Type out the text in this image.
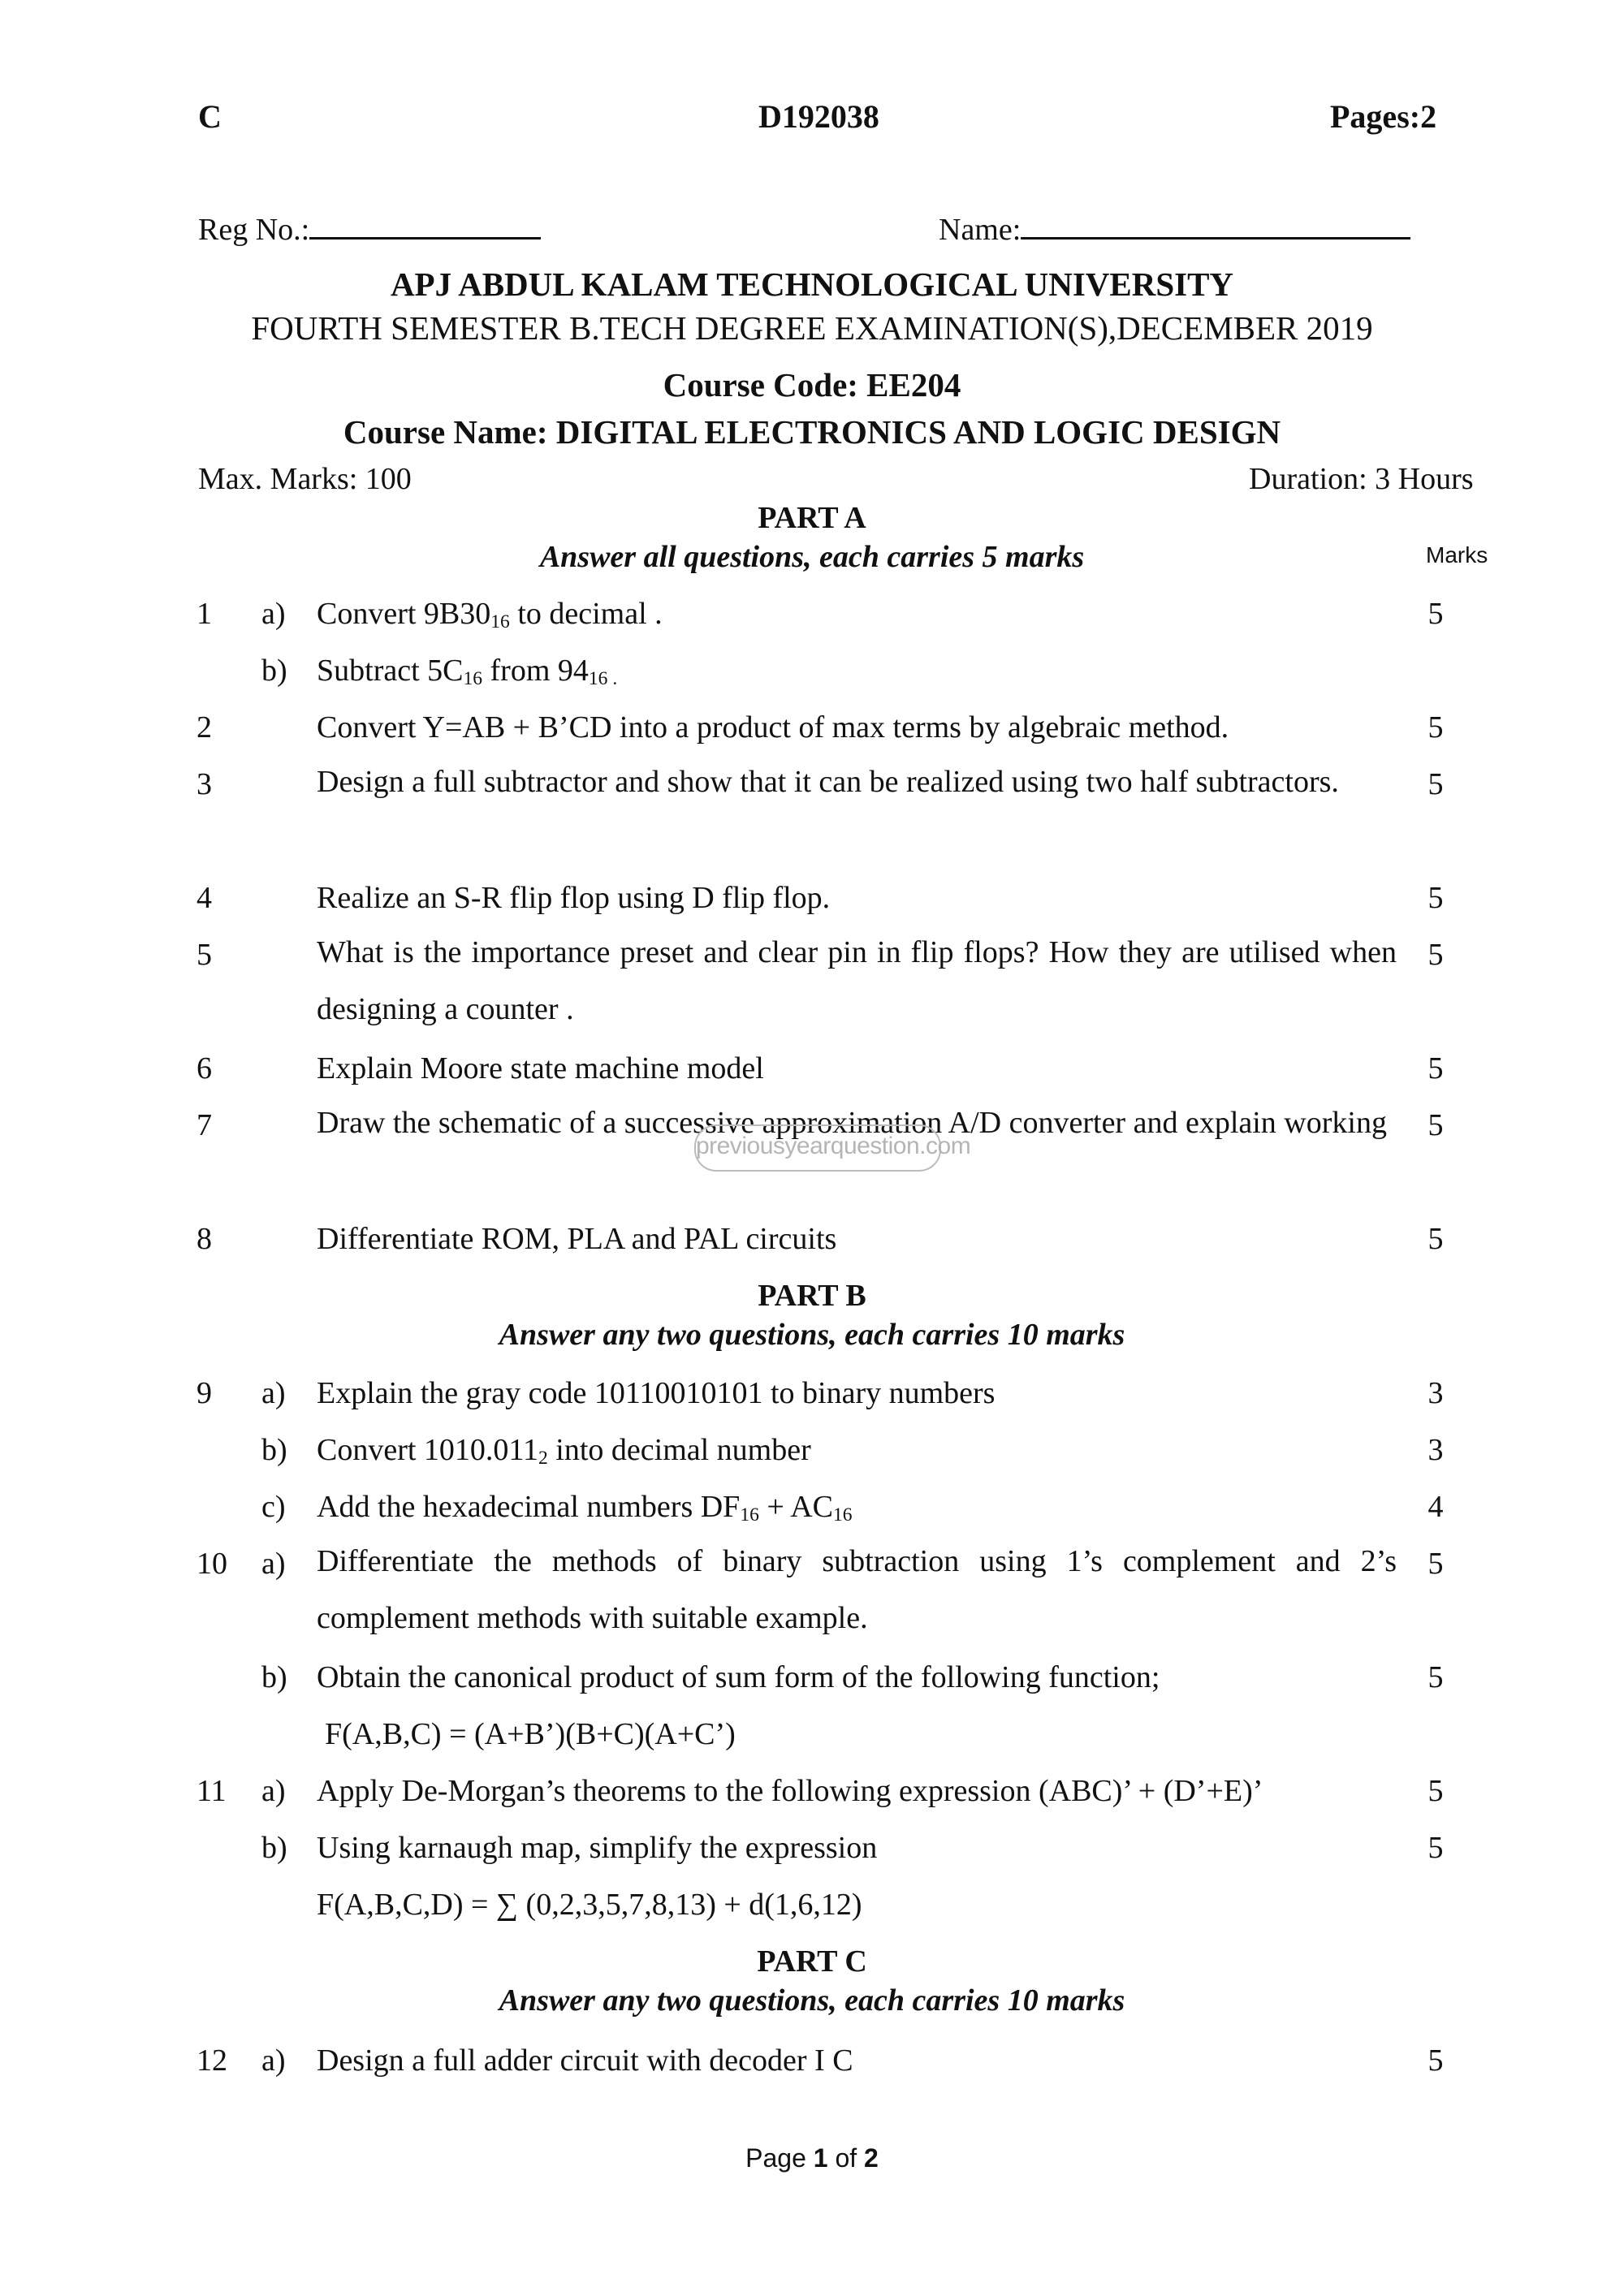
C	D192038	Pages:2
Reg No.:	Name:
APJ ABDUL KALAM TECHNOLOGICAL UNIVERSITY
FOURTH SEMESTER B.TECH DEGREE EXAMINATION(S),DECEMBER 2019
Course Code: EE204
Course Name: DIGITAL ELECTRONICS AND LOGIC DESIGN
Max. Marks: 100	Duration: 3 Hours
PART A
Answer all questions, each carries 5 marks	Marks
1	a)	Convert $9B30_{16}$ to decimal .	5
b) Subtract $5C_{16}$ from $94_{16 .}$
2	Convert Y=AB + B’CD into a product of max terms by algebraic method.	5
3	Design a full subtractor and show that it can be realized using two half subtractors.	5
4	Realize an S-R flip flop using D flip flop.	5
5	What is the importance preset and clear pin in flip flops? How they are utilised when designing a counter .
5
6	Explain Moore state machine model	5
7	Draw the schematic of a successive approximation A/D converter and explain working	5
previousyearquestion.com
8	Differentiate ROM, PLA and PAL circuits	5
PART B
Answer any two questions, each carries 10 marks
9	a)	Explain the gray code 10110010101 to binary numbers	3
b) Convert $1010.011_2$ into decimal number	3
c)	Add the hexadecimal numbers $DF_{16} + AC_{16}$	4
10	a)	Differentiate the methods of binary subtraction using 1’s complement and 2’s complement methods with suitable example.
5
b) Obtain the canonical product of sum form of the following function;	5
F(A,B,C) = (A+B’)(B+C)(A+C’)
11	a)	Apply De-Morgan’s theorems to the following expression (ABC)’ + (D’+E)’	5
b) Using karnaugh map, simplify the expression	5
F(A,B,C,D) = ∑ (0,2,3,5,7,8,13) + d(1,6,12)
PART C
Answer any two questions, each carries 10 marks
12	a)	Design a full adder circuit with decoder I C	5
Page 1 of 2
